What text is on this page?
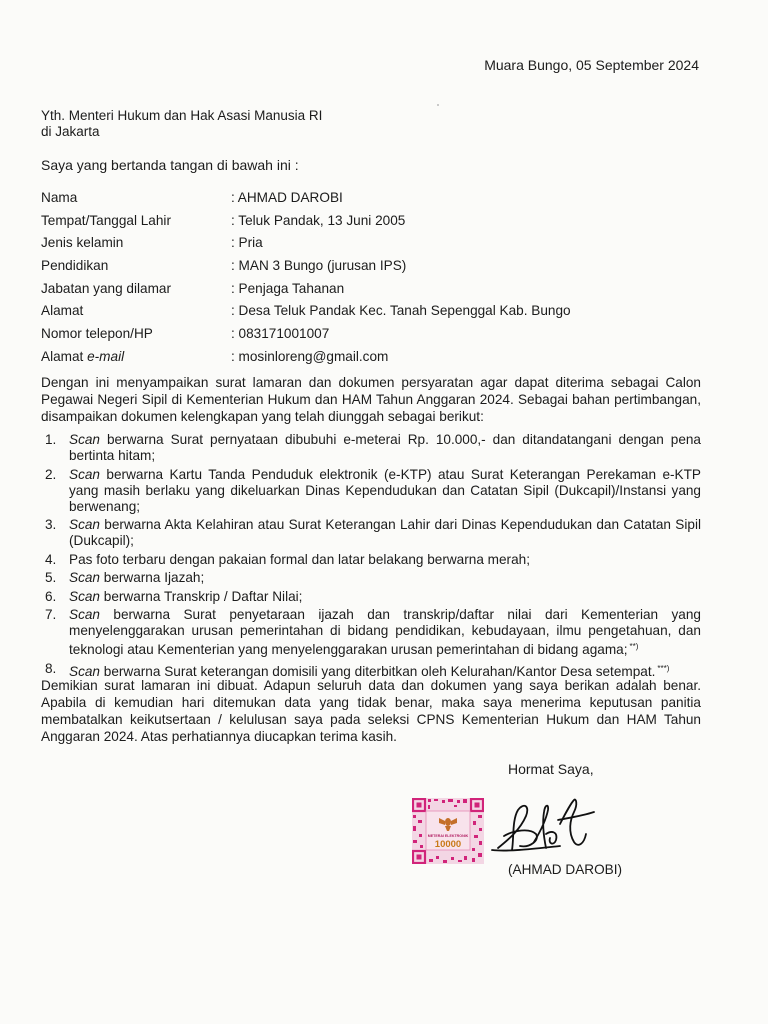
Muara Bungo, 05 September 2024
Yth. Menteri Hukum dan Hak Asasi Manusia RI
di Jakarta
Saya yang bertanda tangan di bawah ini :
Nama	: AHMAD DAROBI
Tempat/Tanggal Lahir	: Teluk Pandak, 13 Juni 2005
Jenis kelamin	: Pria
Pendidikan	: MAN 3 Bungo (jurusan IPS)
Jabatan yang dilamar	: Penjaga Tahanan
Alamat	: Desa Teluk Pandak Kec. Tanah Sepenggal Kab. Bungo
Nomor telepon/HP	: 083171001007
Alamat e-mail	: mosinloreng@gmail.com
Dengan ini menyampaikan surat lamaran dan dokumen persyaratan agar dapat diterima sebagai Calon Pegawai Negeri Sipil di Kementerian Hukum dan HAM Tahun Anggaran 2024. Sebagai bahan pertimbangan, disampaikan dokumen kelengkapan yang telah diunggah sebagai berikut:
1. Scan berwarna Surat pernyataan dibubuhi e-meterai Rp. 10.000,- dan ditandatangani dengan pena bertinta hitam;
2. Scan berwarna Kartu Tanda Penduduk elektronik (e-KTP) atau Surat Keterangan Perekaman e-KTP yang masih berlaku yang dikeluarkan Dinas Kependudukan dan Catatan Sipil (Dukcapil)/Instansi yang berwenang;
3. Scan berwarna Akta Kelahiran atau Surat Keterangan Lahir dari Dinas Kependudukan dan Catatan Sipil (Dukcapil);
4. Pas foto terbaru dengan pakaian formal dan latar belakang berwarna merah;
5. Scan berwarna Ijazah;
6. Scan berwarna Transkrip / Daftar Nilai;
7. Scan berwarna Surat penyetaraan ijazah dan transkrip/daftar nilai dari Kementerian yang menyelenggarakan urusan pemerintahan di bidang pendidikan, kebudayaan, ilmu pengetahuan, dan teknologi atau Kementerian yang menyelenggarakan urusan pemerintahan di bidang agama; **)
8. Scan berwarna Surat keterangan domisili yang diterbitkan oleh Kelurahan/Kantor Desa setempat. ***)
Demikian surat lamaran ini dibuat. Adapun seluruh data dan dokumen yang saya berikan adalah benar. Apabila di kemudian hari ditemukan data yang tidak benar, maka saya menerima keputusan panitia membatalkan keikutsertaan / kelulusan saya pada seleksi CPNS Kementerian Hukum dan HAM Tahun Anggaran 2024. Atas perhatiannya diucapkan terima kasih.
Hormat Saya,
METERAI ELEKTRONIK
10000
(AHMAD DAROBI)
